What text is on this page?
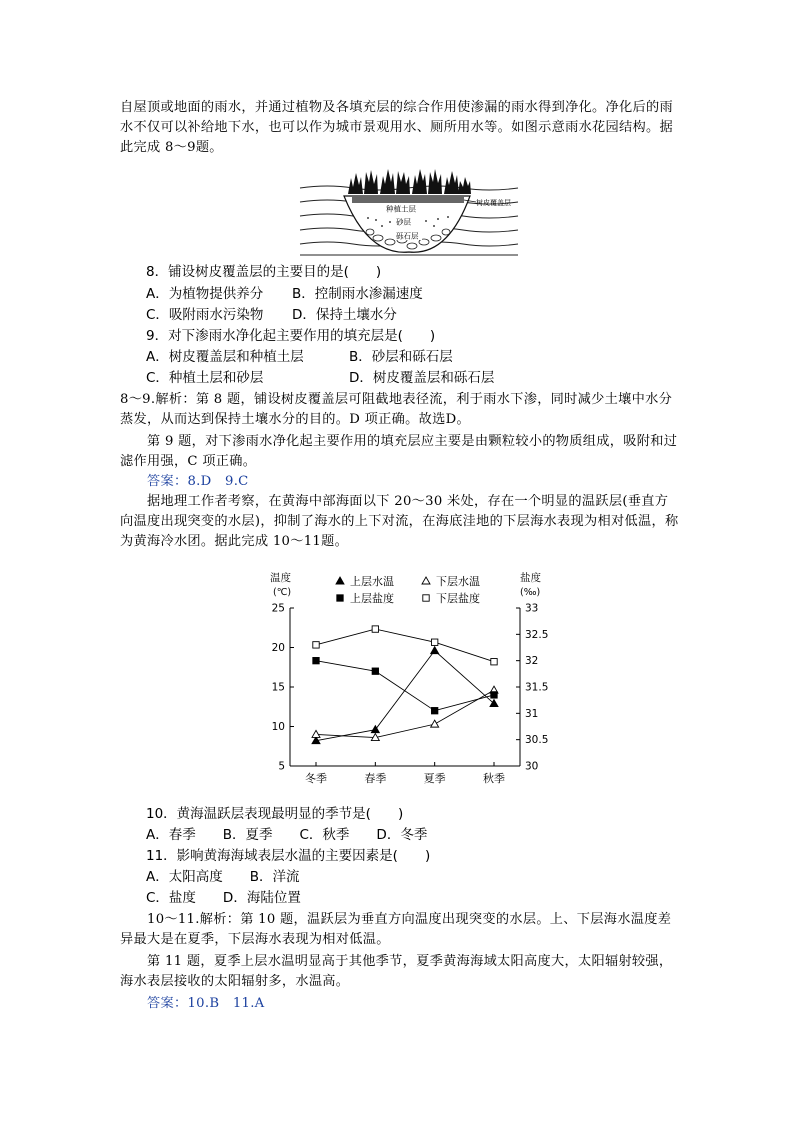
自屋顶或地面的雨水，并通过植物及各填充层的综合作用使渗漏的雨水得到净化。净化后的雨水不仅可以补给地下水，也可以作为城市景观用水、厕所用水等。如图示意雨水花园结构。据此完成 8～9题。
种植土层
砂层
砾石层
树皮覆盖层
8．铺设树皮覆盖层的主要目的是(　　)
A．为植物提供养分 B．控制雨水渗漏速度
C．吸附雨水污染物 D．保持土壤水分
9．对下渗雨水净化起主要作用的填充层是(　　)
A．树皮覆盖层和种植土层	B．砂层和砾石层
C．种植土层和砂层	D．树皮覆盖层和砾石层
8～9.解析：第 8 题，铺设树皮覆盖层可阻截地表径流，利于雨水下渗，同时减少土壤中水分蒸发，从而达到保持土壤水分的目的。D 项正确。故选D。
第 9 题，对下渗雨水净化起主要作用的填充层应主要是由颗粒较小的物质组成，吸附和过滤作用强，C 项正确。
答案：8.D　9.C
据地理工作者考察，在黄海中部海面以下 20～30 米处，存在一个明显的温跃层(垂直方向温度出现突变的水层)，抑制了海水的上下对流，在海底洼地的下层海水表现为相对低温，称为黄海冷水团。据此完成 10～11题。
5
10
15
20
25
30
30.5
31
31.5
32
32.5
33
冬季	春季	夏季	秋季
上层水温	下层水温
上层盐度	下层盐度
温度
(℃)
盐度
(‰)
10．黄海温跃层表现最明显的季节是(　　)
A．春季　　B．夏季　　C．秋季　　D．冬季
11．影响黄海海域表层水温的主要因素是(　　)
A．太阳高度　　B．洋流
C．盐度　　D．海陆位置
10～11.解析：第 10 题，温跃层为垂直方向温度出现突变的水层。上、下层海水温度差异最大是在夏季，下层海水表现为相对低温。
第 11 题，夏季上层水温明显高于其他季节，夏季黄海海域太阳高度大，太阳辐射较强，海水表层接收的太阳辐射多，水温高。
答案：10.B　11.A
